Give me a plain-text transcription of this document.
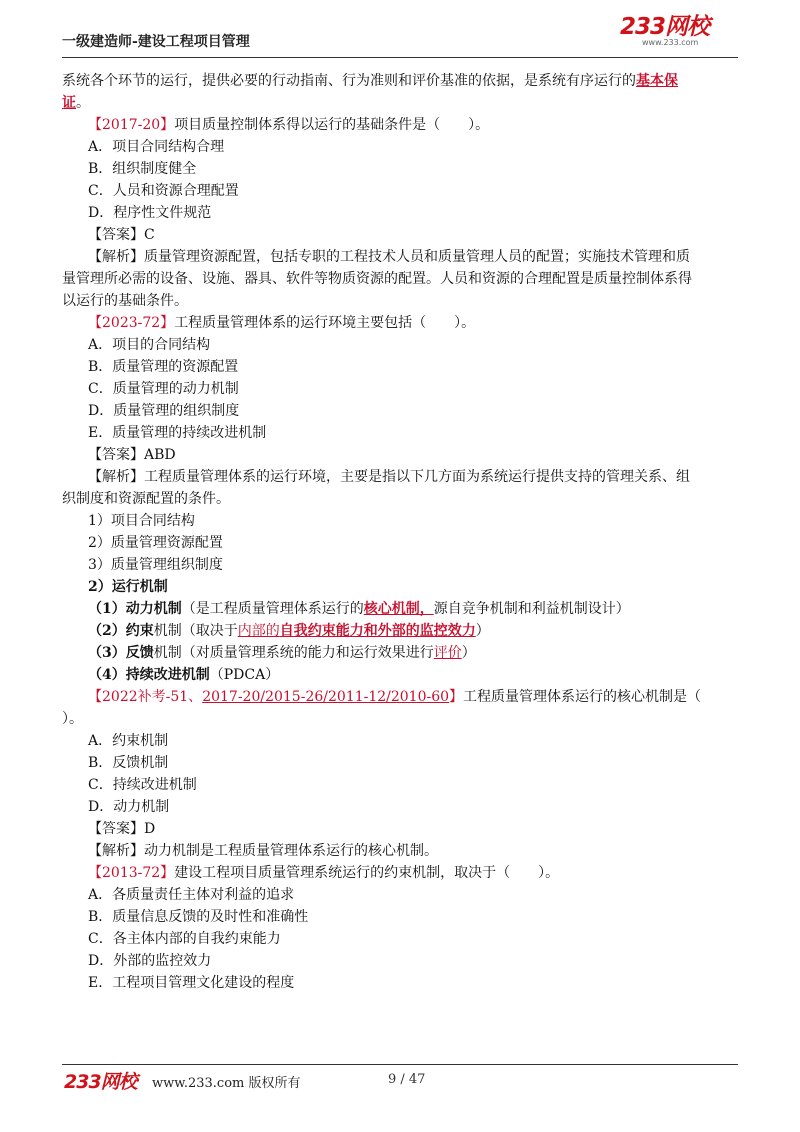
一级建造师-建设工程项目管理
233网校
www.233.com
系统各个环节的运行，提供必要的行动指南、行为准则和评价基准的依据，是系统有序运行的基本保
证。
【2017-20】项目质量控制体系得以运行的基础条件是（　　）。
A．项目合同结构合理
B．组织制度健全
C．人员和资源合理配置
D．程序性文件规范
【答案】C
【解析】质量管理资源配置，包括专职的工程技术人员和质量管理人员的配置；实施技术管理和质
量管理所必需的设备、设施、器具、软件等物质资源的配置。人员和资源的合理配置是质量控制体系得
以运行的基础条件。
【2023-72】工程质量管理体系的运行环境主要包括（　　）。
A．项目的合同结构
B．质量管理的资源配置
C．质量管理的动力机制
D．质量管理的组织制度
E．质量管理的持续改进机制
【答案】ABD
【解析】工程质量管理体系的运行环境，主要是指以下几方面为系统运行提供支持的管理关系、组
织制度和资源配置的条件。
1）项目合同结构
2）质量管理资源配置
3）质量管理组织制度
2）运行机制
（1）动力机制（是工程质量管理体系运行的核心机制，源自竞争机制和利益机制设计）
（2）约束机制（取决于内部的自我约束能力和外部的监控效力）
（3）反馈机制（对质量管理系统的能力和运行效果进行评价）
（4）持续改进机制（PDCA）
【2022补考-51、2017-20/2015-26/2011-12/2010-60】工程质量管理体系运行的核心机制是（
）。
A．约束机制
B．反馈机制
C．持续改进机制
D．动力机制
【答案】D
【解析】动力机制是工程质量管理体系运行的核心机制。
【2013-72】建设工程项目质量管理系统运行的约束机制，取决于（　　）。
A．各质量责任主体对利益的追求
B．质量信息反馈的及时性和准确性
C．各主体内部的自我约束能力
D．外部的监控效力
E．工程项目管理文化建设的程度
233网校 www.233.com 版权所有	9 / 47
